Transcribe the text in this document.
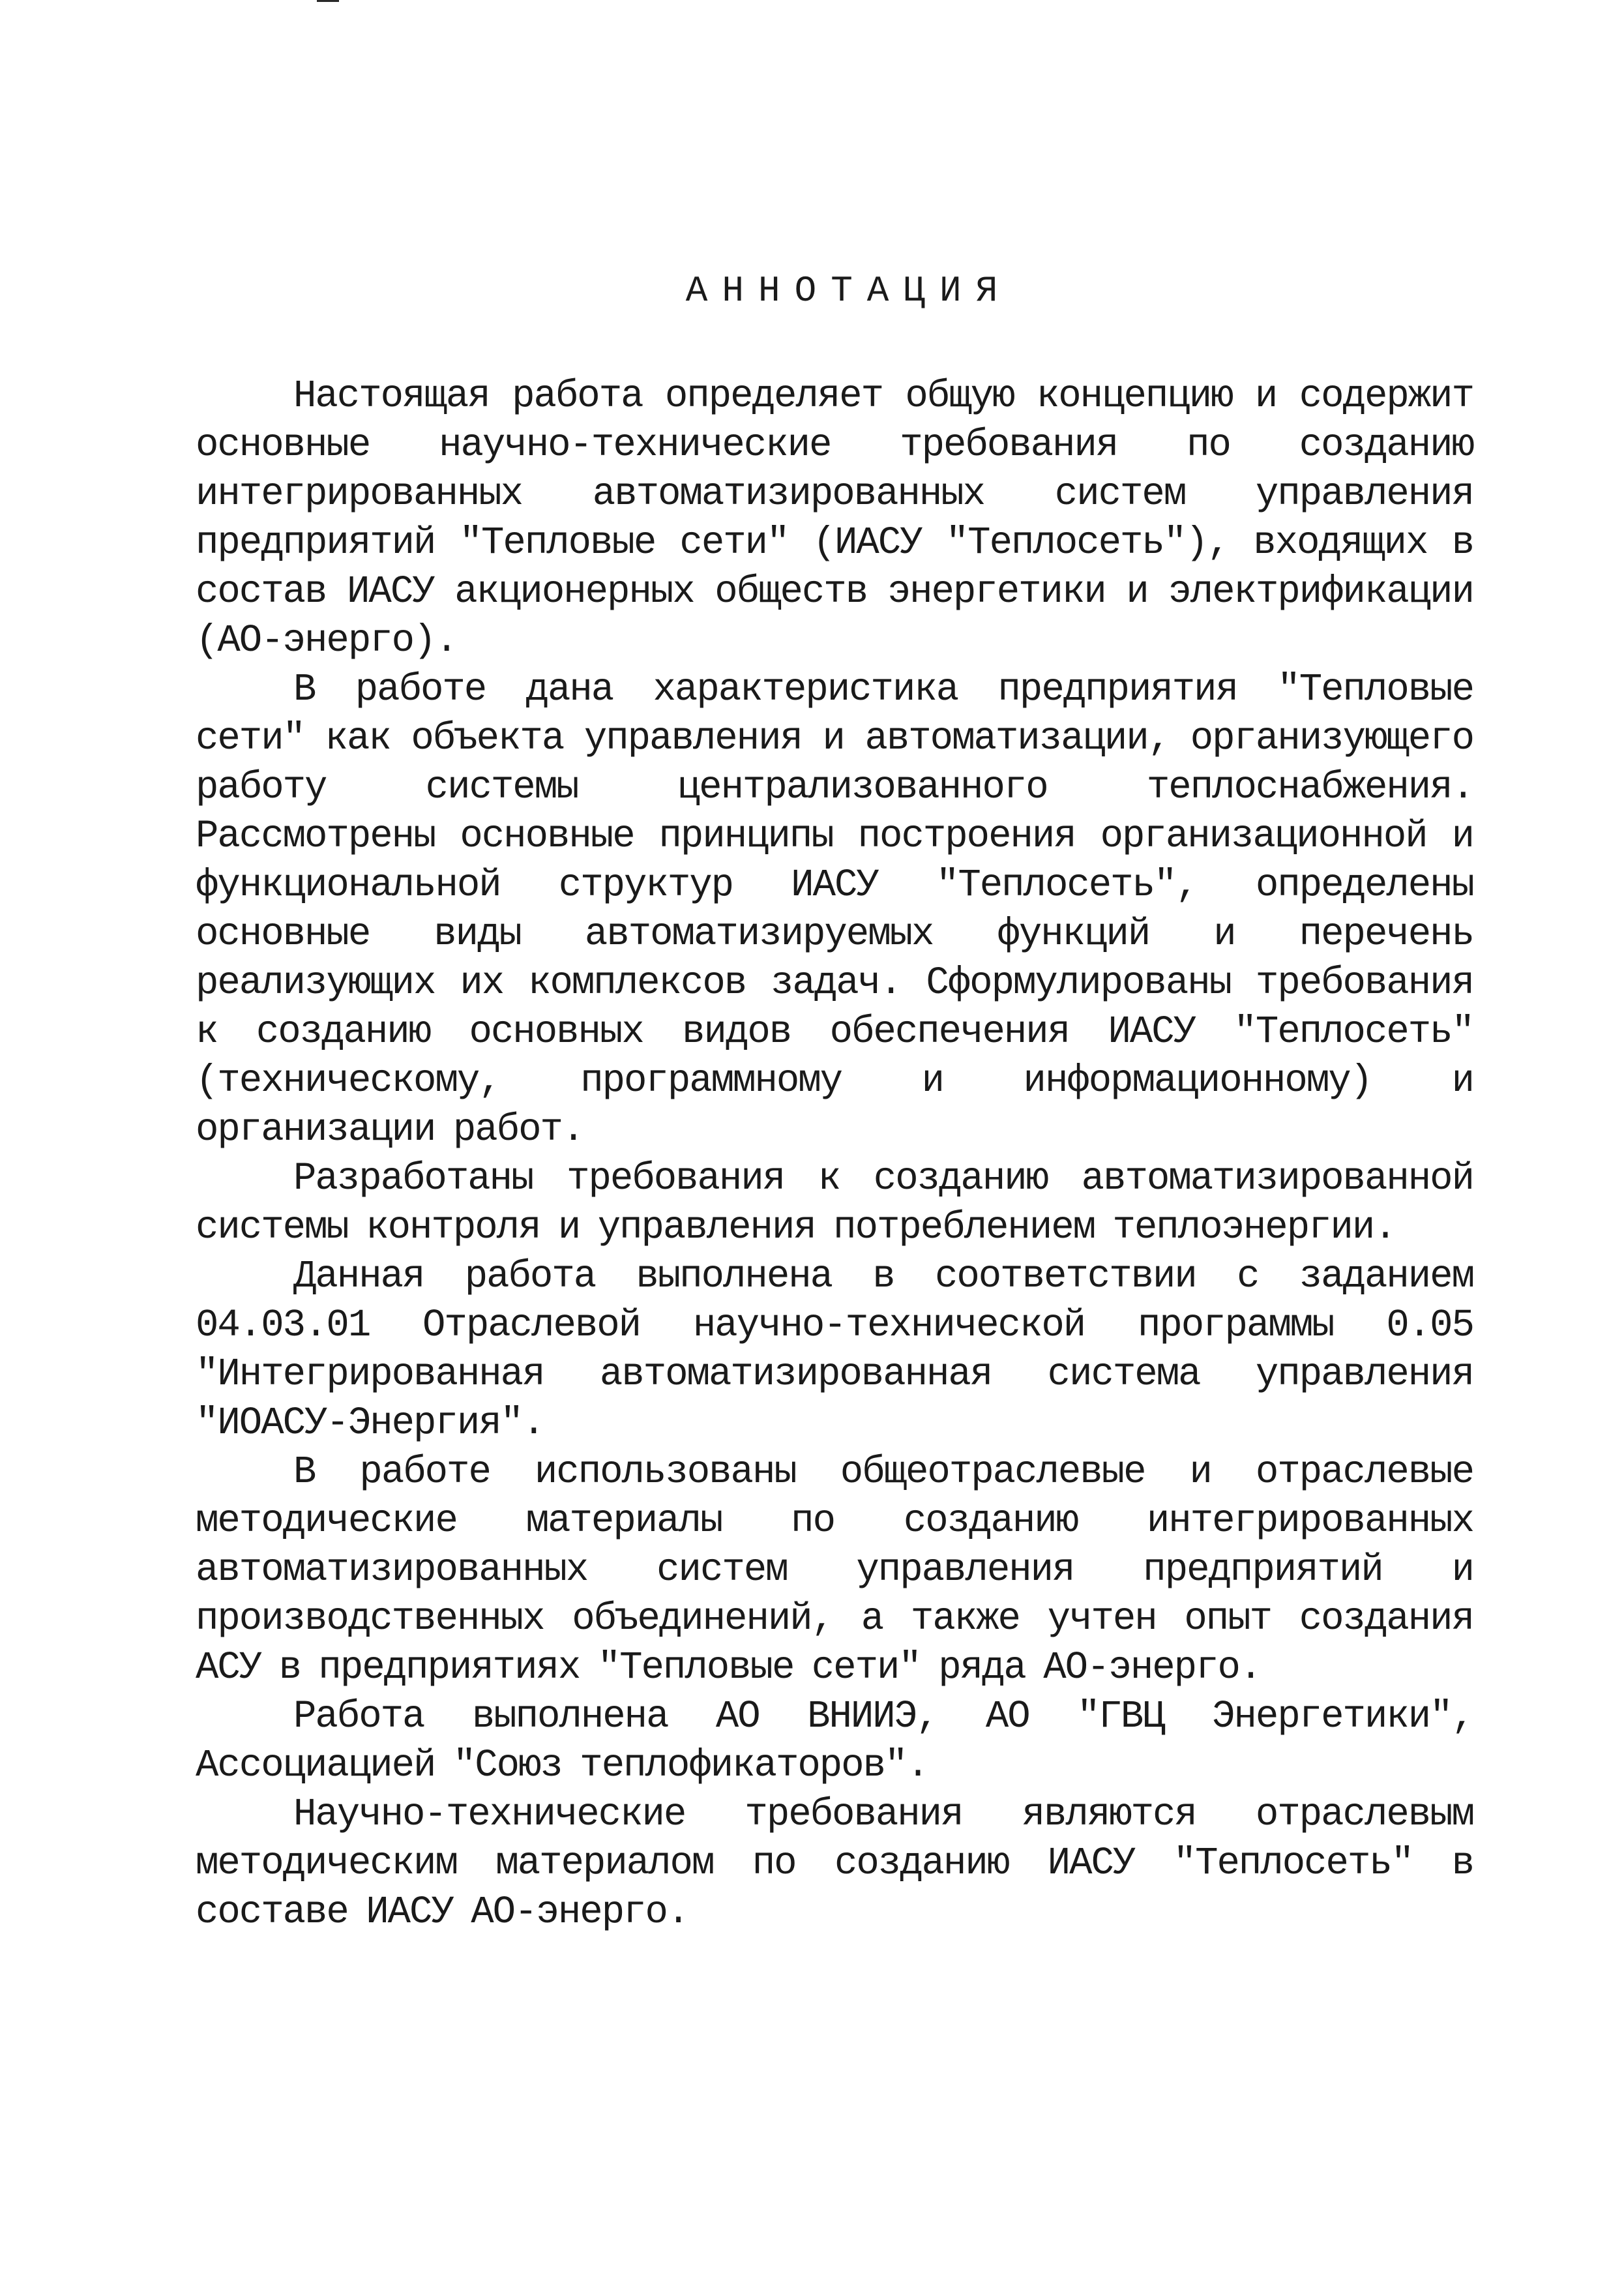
АННОТАЦИЯ

Настоящая работа определяет общую концепцию и содержит основные научно-технические требования по созданию интегрированных автоматизированных систем управления предприятий "Тепловые сети" (ИАСУ "Теплосеть"), входящих в состав ИАСУ акционерных обществ энергетики и электрификации (АО-энерго).

В работе дана характеристика предприятия "Тепловые сети" как объекта управления и автоматизации, организующего работу системы централизованного теплоснабжения. Рассмотрены основные принципы построения организационной и функциональной структур ИАСУ "Теплосеть", определены основные виды автоматизируемых функций и перечень реализующих их комплексов задач. Сформулированы требования к созданию основных видов обеспечения ИАСУ "Теплосеть" (техническому, программному и информационному) и организации работ.

Разработаны требования к созданию автоматизированной системы контроля и управления потреблением теплоэнергии.

Данная работа выполнена в соответствии с заданием 04.03.01 Отраслевой научно-технической программы 0.05 "Интегрированная автоматизированная система управления "ИОАСУ-Энергия".

В работе использованы общеотраслевые и отраслевые методические материалы по созданию интегрированных автоматизированных систем управления предприятий и производственных объединений, а также учтен опыт создания АСУ в предприятиях "Тепловые сети" ряда АО-энерго.

Работа выполнена АО ВНИИЭ, АО "ГВЦ Энергетики", Ассоциацией "Союз теплофикаторов".

Научно-технические требования являются отраслевым методическим материалом по созданию ИАСУ "Теплосеть" в составе ИАСУ АО-энерго.
